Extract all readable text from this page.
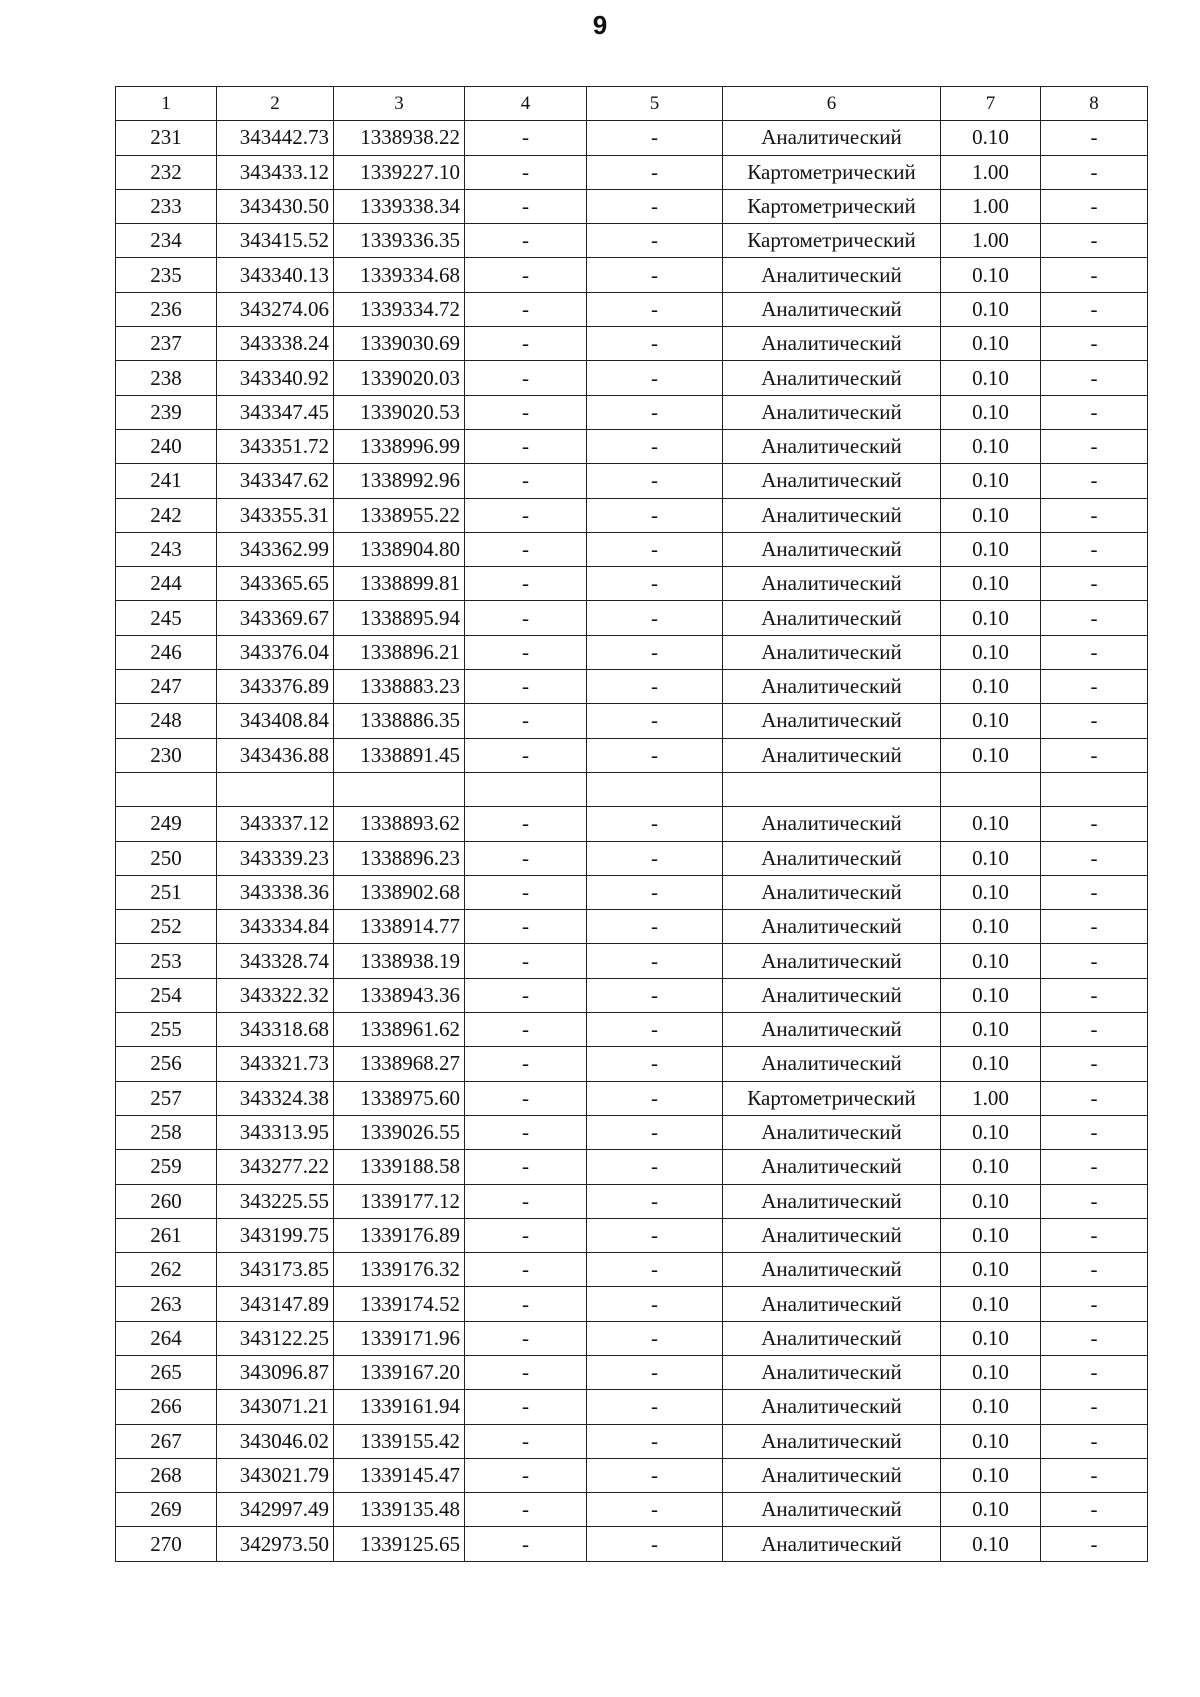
9
1	2	3	4	5	6	7	8
231	343442.73	1338938.22	-	-	Аналитический	0.10	-
232	343433.12	1339227.10	-	-	Картометрический	1.00	-
233	343430.50	1339338.34	-	-	Картометрический	1.00	-
234	343415.52	1339336.35	-	-	Картометрический	1.00	-
235	343340.13	1339334.68	-	-	Аналитический	0.10	-
236	343274.06	1339334.72	-	-	Аналитический	0.10	-
237	343338.24	1339030.69	-	-	Аналитический	0.10	-
238	343340.92	1339020.03	-	-	Аналитический	0.10	-
239	343347.45	1339020.53	-	-	Аналитический	0.10	-
240	343351.72	1338996.99	-	-	Аналитический	0.10	-
241	343347.62	1338992.96	-	-	Аналитический	0.10	-
242	343355.31	1338955.22	-	-	Аналитический	0.10	-
243	343362.99	1338904.80	-	-	Аналитический	0.10	-
244	343365.65	1338899.81	-	-	Аналитический	0.10	-
245	343369.67	1338895.94	-	-	Аналитический	0.10	-
246	343376.04	1338896.21	-	-	Аналитический	0.10	-
247	343376.89	1338883.23	-	-	Аналитический	0.10	-
248	343408.84	1338886.35	-	-	Аналитический	0.10	-
230	343436.88	1338891.45	-	-	Аналитический	0.10	-

249	343337.12	1338893.62	-	-	Аналитический	0.10	-
250	343339.23	1338896.23	-	-	Аналитический	0.10	-
251	343338.36	1338902.68	-	-	Аналитический	0.10	-
252	343334.84	1338914.77	-	-	Аналитический	0.10	-
253	343328.74	1338938.19	-	-	Аналитический	0.10	-
254	343322.32	1338943.36	-	-	Аналитический	0.10	-
255	343318.68	1338961.62	-	-	Аналитический	0.10	-
256	343321.73	1338968.27	-	-	Аналитический	0.10	-
257	343324.38	1338975.60	-	-	Картометрический	1.00	-
258	343313.95	1339026.55	-	-	Аналитический	0.10	-
259	343277.22	1339188.58	-	-	Аналитический	0.10	-
260	343225.55	1339177.12	-	-	Аналитический	0.10	-
261	343199.75	1339176.89	-	-	Аналитический	0.10	-
262	343173.85	1339176.32	-	-	Аналитический	0.10	-
263	343147.89	1339174.52	-	-	Аналитический	0.10	-
264	343122.25	1339171.96	-	-	Аналитический	0.10	-
265	343096.87	1339167.20	-	-	Аналитический	0.10	-
266	343071.21	1339161.94	-	-	Аналитический	0.10	-
267	343046.02	1339155.42	-	-	Аналитический	0.10	-
268	343021.79	1339145.47	-	-	Аналитический	0.10	-
269	342997.49	1339135.48	-	-	Аналитический	0.10	-
270	342973.50	1339125.65	-	-	Аналитический	0.10	-
